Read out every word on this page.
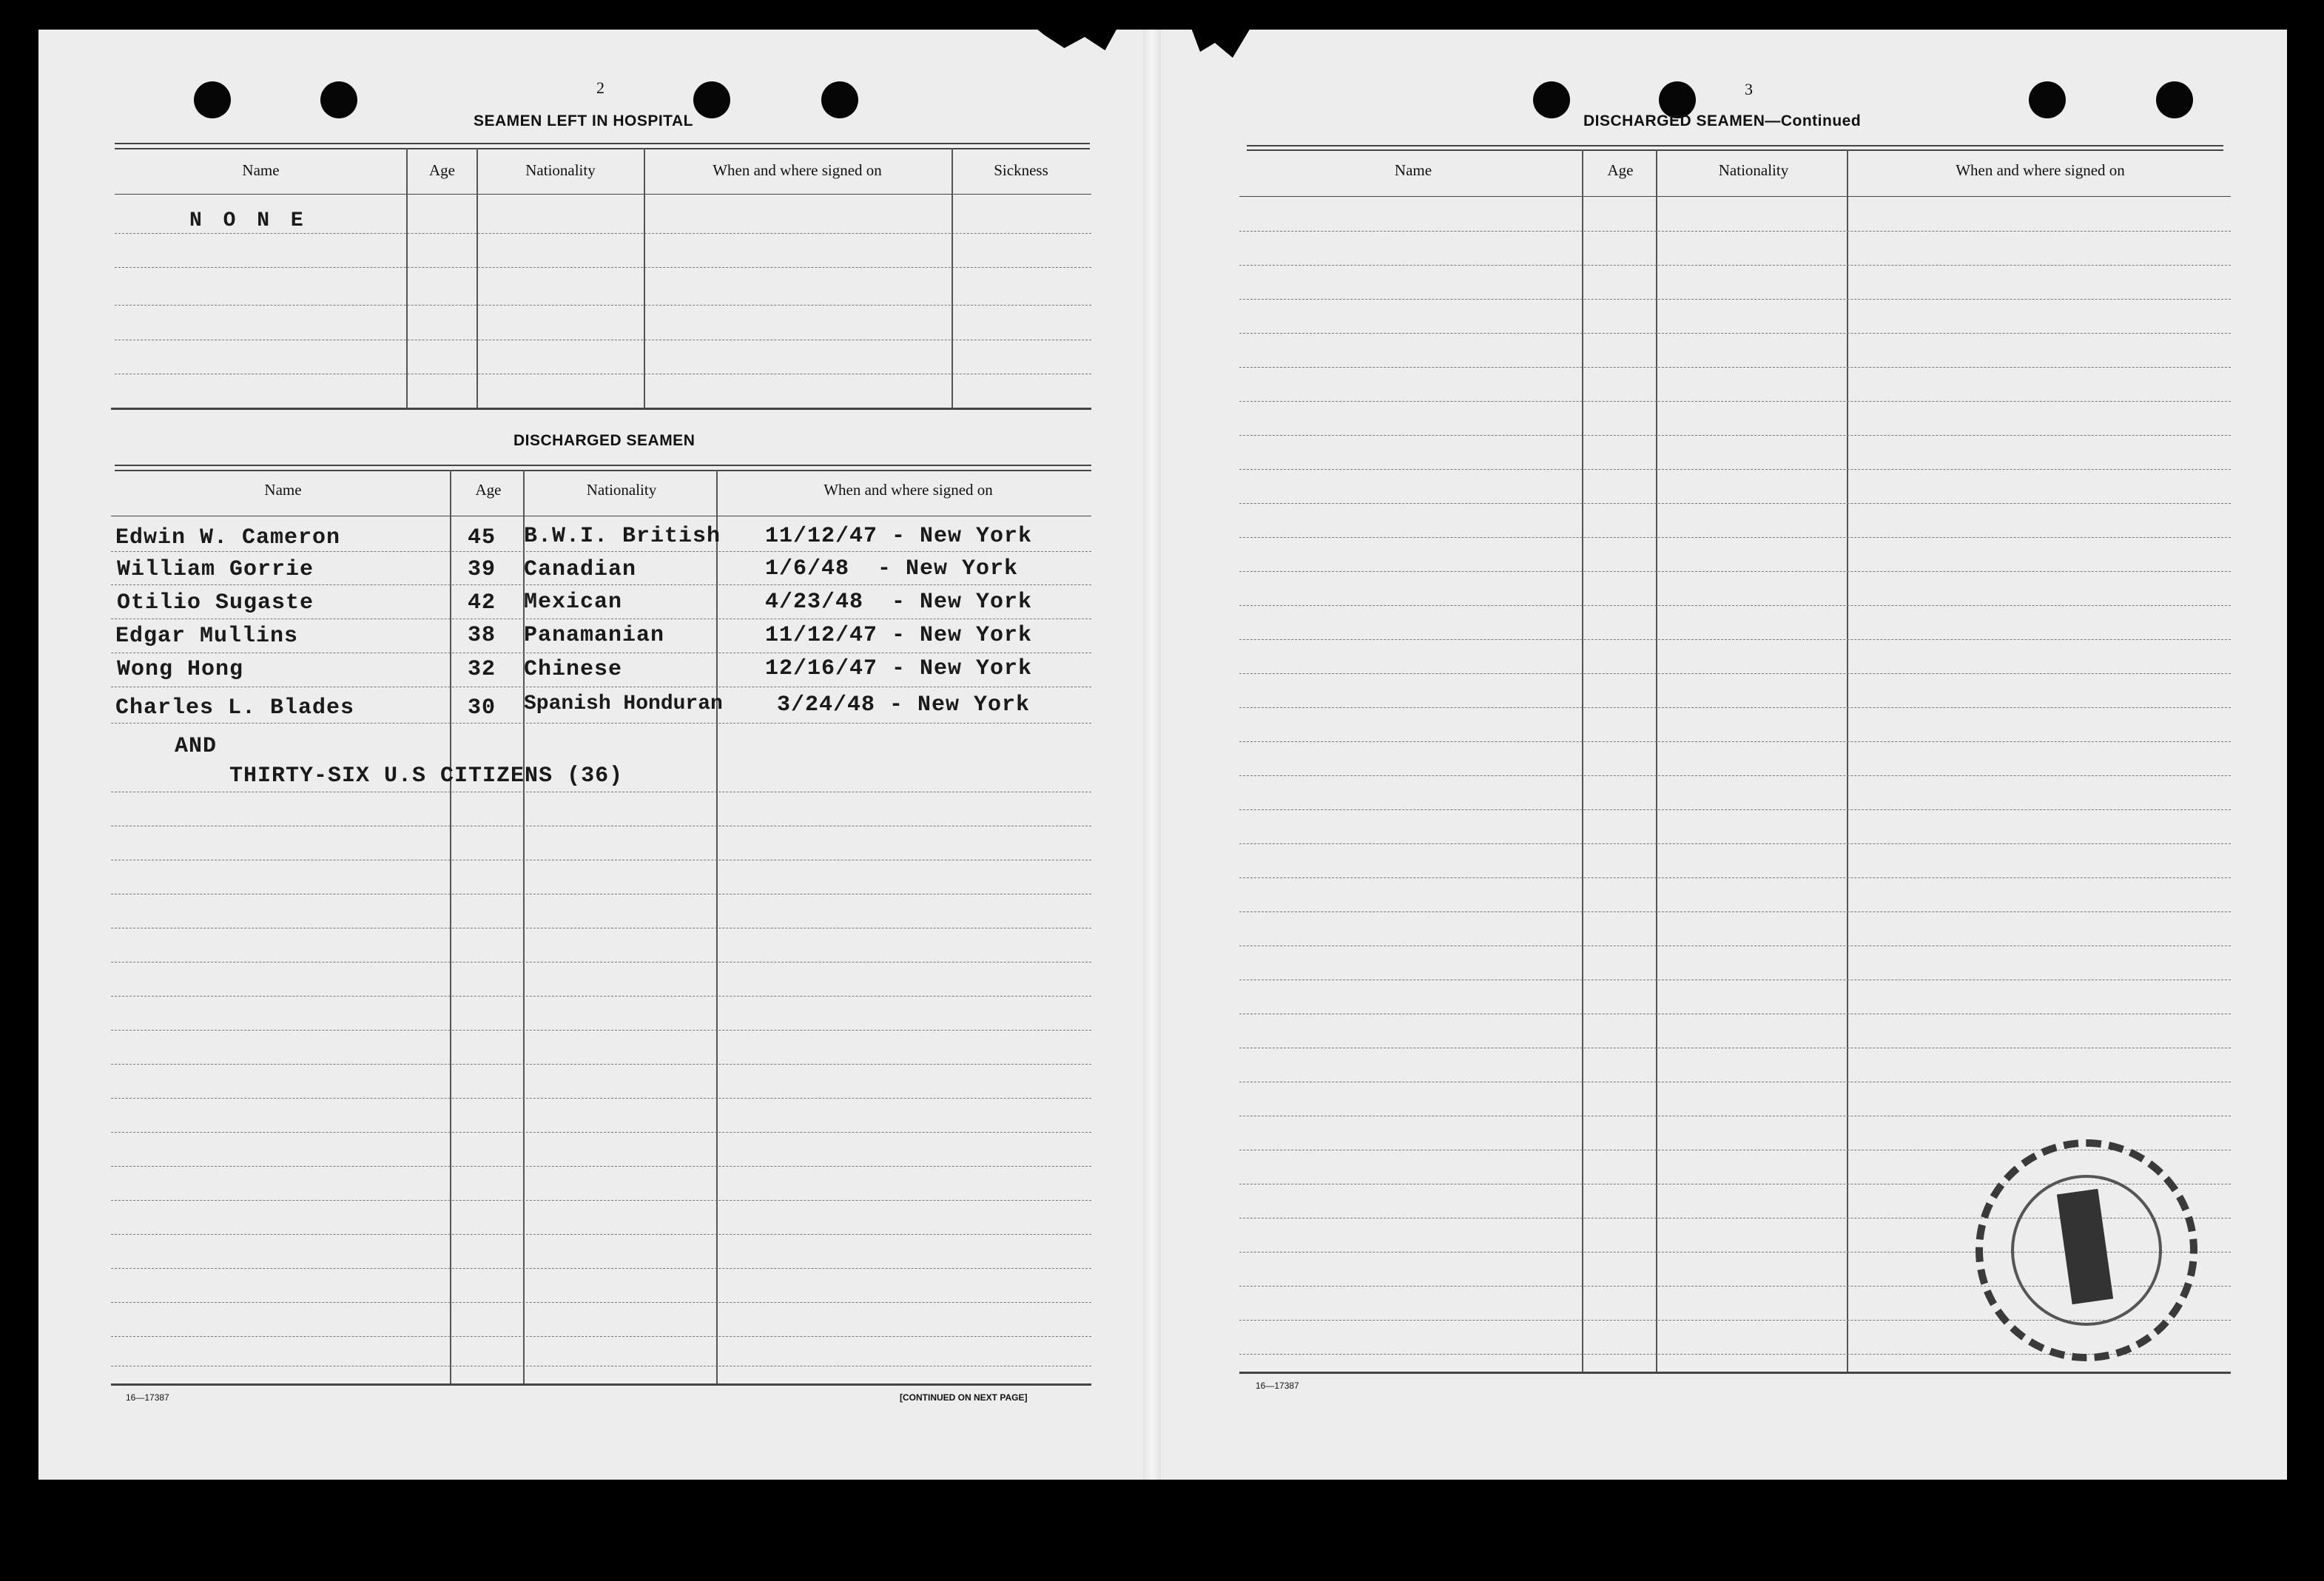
2
SEAMEN LEFT IN HOSPITAL
Name	Age	Nationality	When and where signed on	Sickness
N O N E
DISCHARGED SEAMEN
Name	Age	Nationality	When and where signed on
Edwin W. Cameron	45 B.W.I. British 11/12/47 - New York
William Gorrie	39 Canadian	1/6/48  - New York
Otilio Sugaste	42 Mexican	4/23/48  - New York
Edgar Mullins	38 Panamanian	11/12/47 - New York
Wong Hong	32 Chinese	12/16/47 - New York
Charles L. Blades	30 Spanish Honduran 3/24/48 - New York
AND
THIRTY-SIX U.S CITIZENS (36)
16—17387	[CONTINUED ON NEXT PAGE]
3
DISCHARGED SEAMEN—Continued
Name	Age	Nationality	When and where signed on
16—17387
